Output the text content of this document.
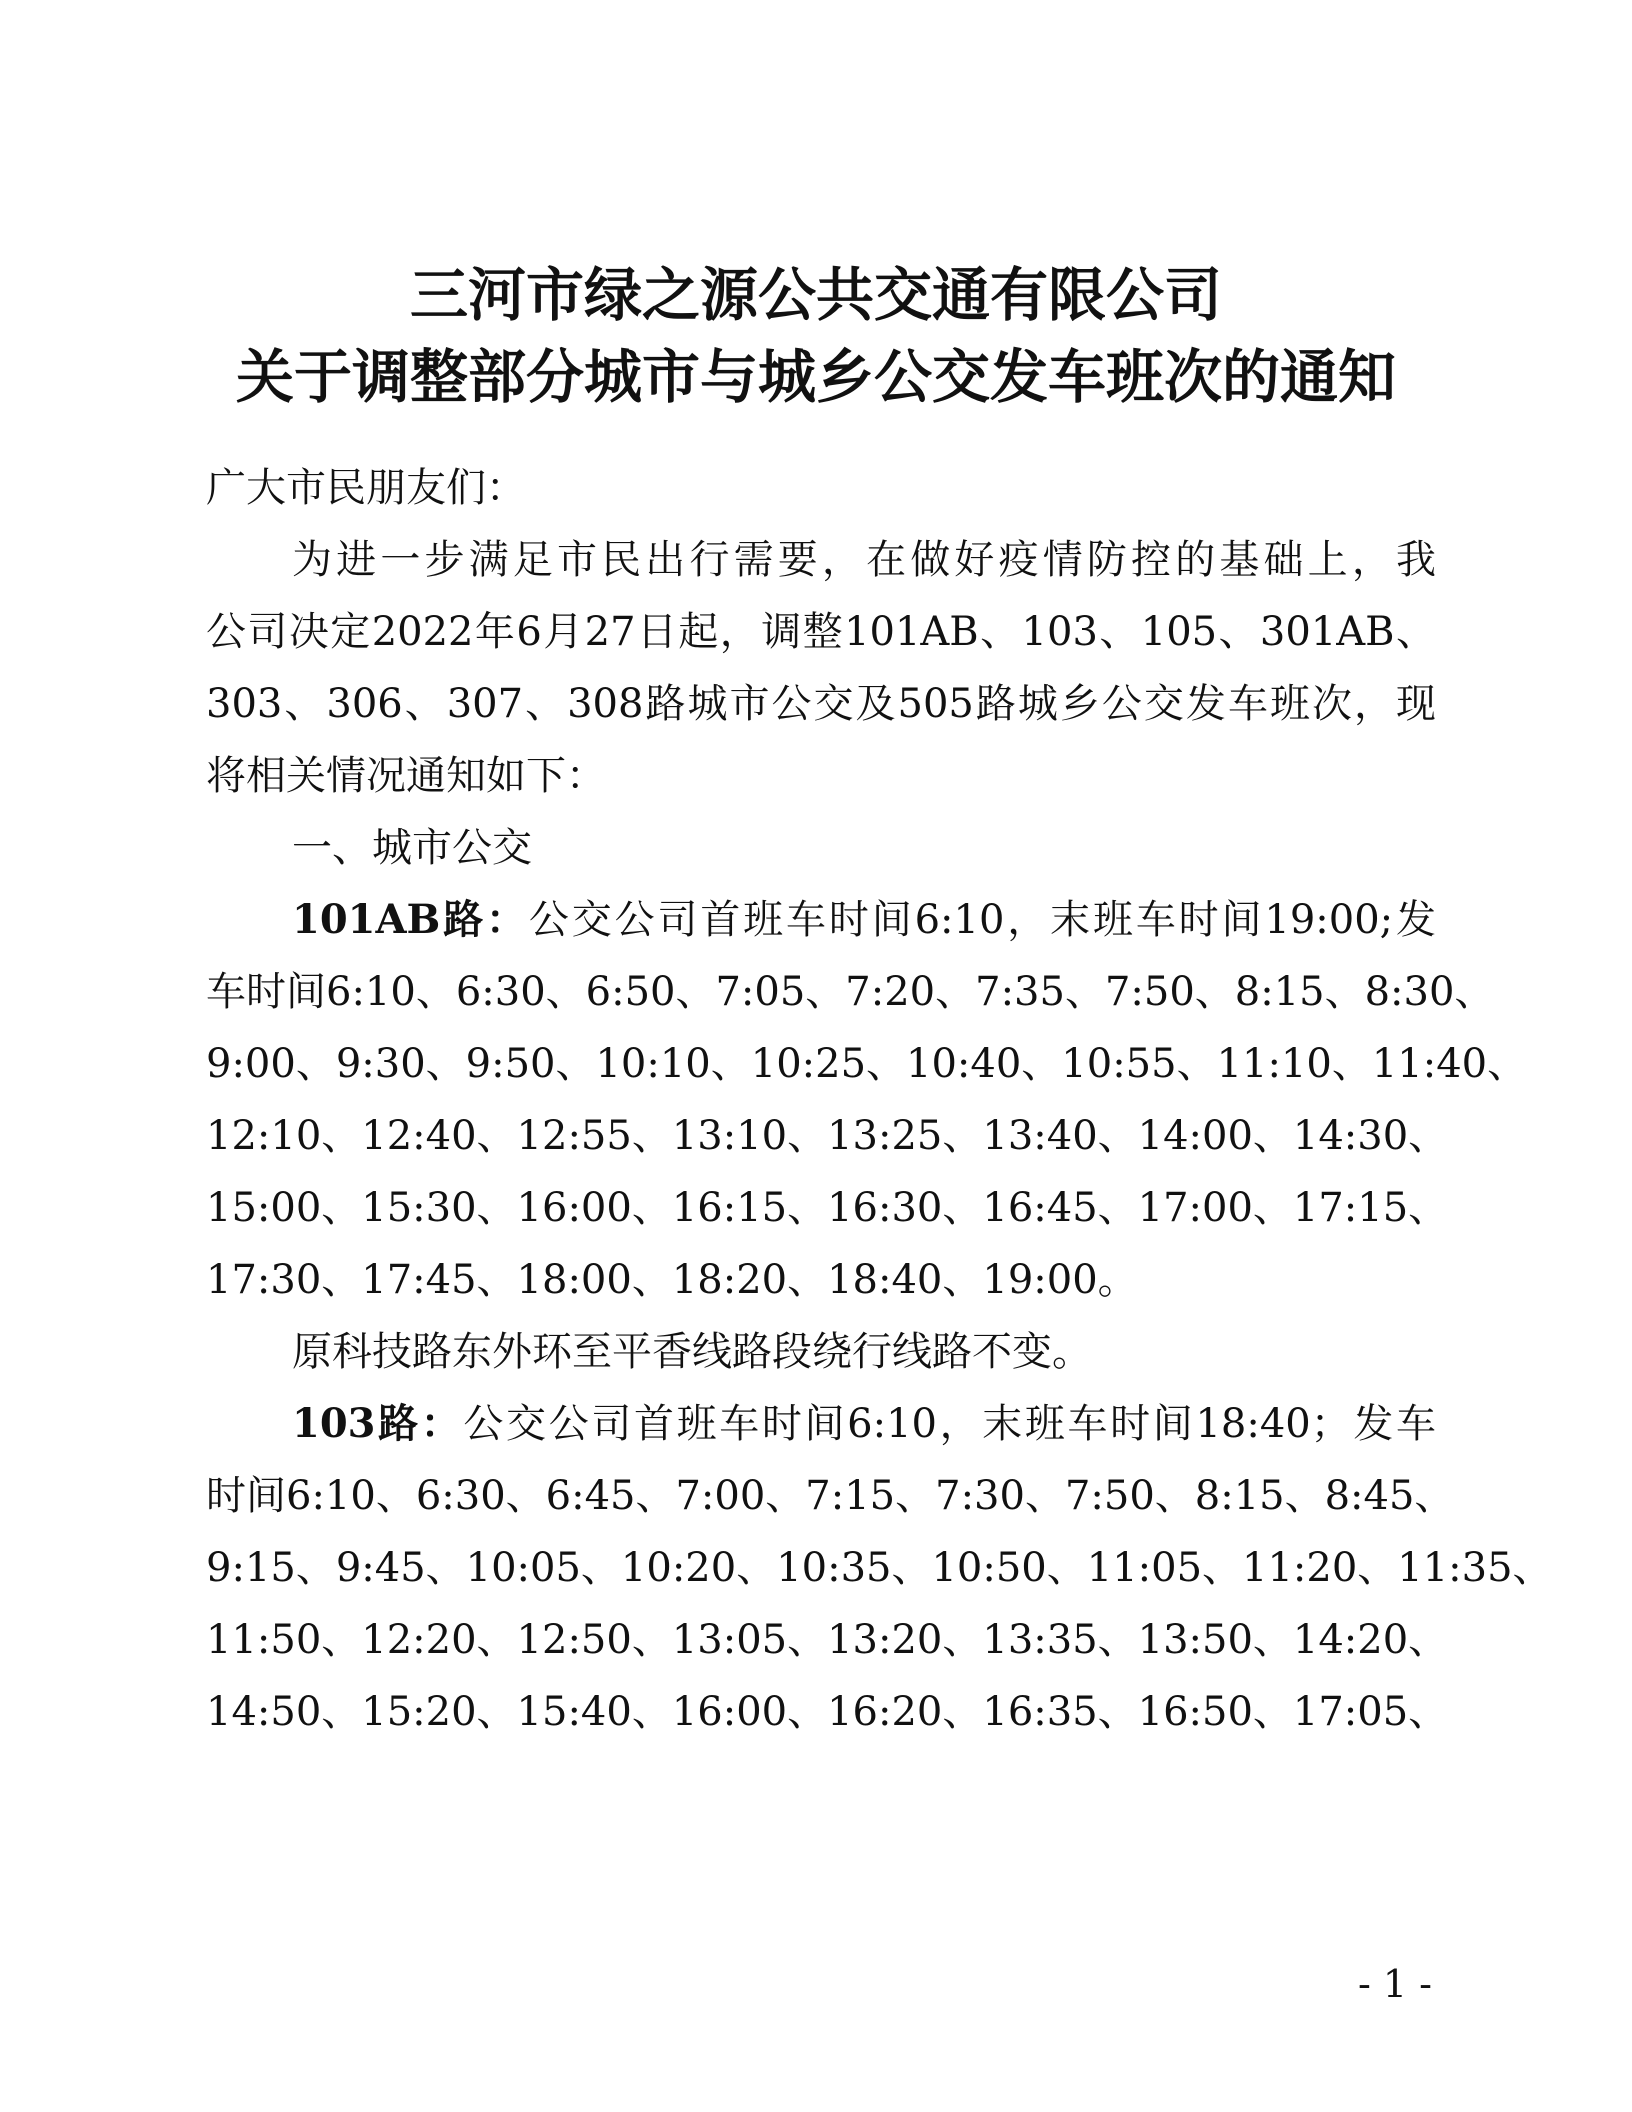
三河市绿之源公共交通有限公司
关于调整部分城市与城乡公交发车班次的通知
广大市民朋友们：
为进一步满足市民出行需要，在做好疫情防控的基础上，我
公司决定2022年6月27日起，调整101AB、103、105、301AB、
303、306、307、308路城市公交及505路城乡公交发车班次，现
将相关情况通知如下：
一、城市公交
101AB路：公交公司首班车时间6:10，末班车时间19:00;发
车时间6:10、6:30、6:50、7:05、7:20、7:35、7:50、8:15、8:30、
9:00、9:30、9:50、10:10、10:25、10:40、10:55、11:10、11:40、
12:10、12:40、12:55、13:10、13:25、13:40、14:00、14:30、
15:00、15:30、16:00、16:15、16:30、16:45、17:00、17:15、
17:30、17:45、18:00、18:20、18:40、19:00。
原科技路东外环至平香线路段绕行线路不变。
103路：公交公司首班车时间6:10，末班车时间18:40；发车
时间6:10、6:30、6:45、7:00、7:15、7:30、7:50、8:15、8:45、
9:15、9:45、10:05、10:20、10:35、10:50、11:05、11:20、11:35、
11:50、12:20、12:50、13:05、13:20、13:35、13:50、14:20、
14:50、15:20、15:40、16:00、16:20、16:35、16:50、17:05、
- 1 -
